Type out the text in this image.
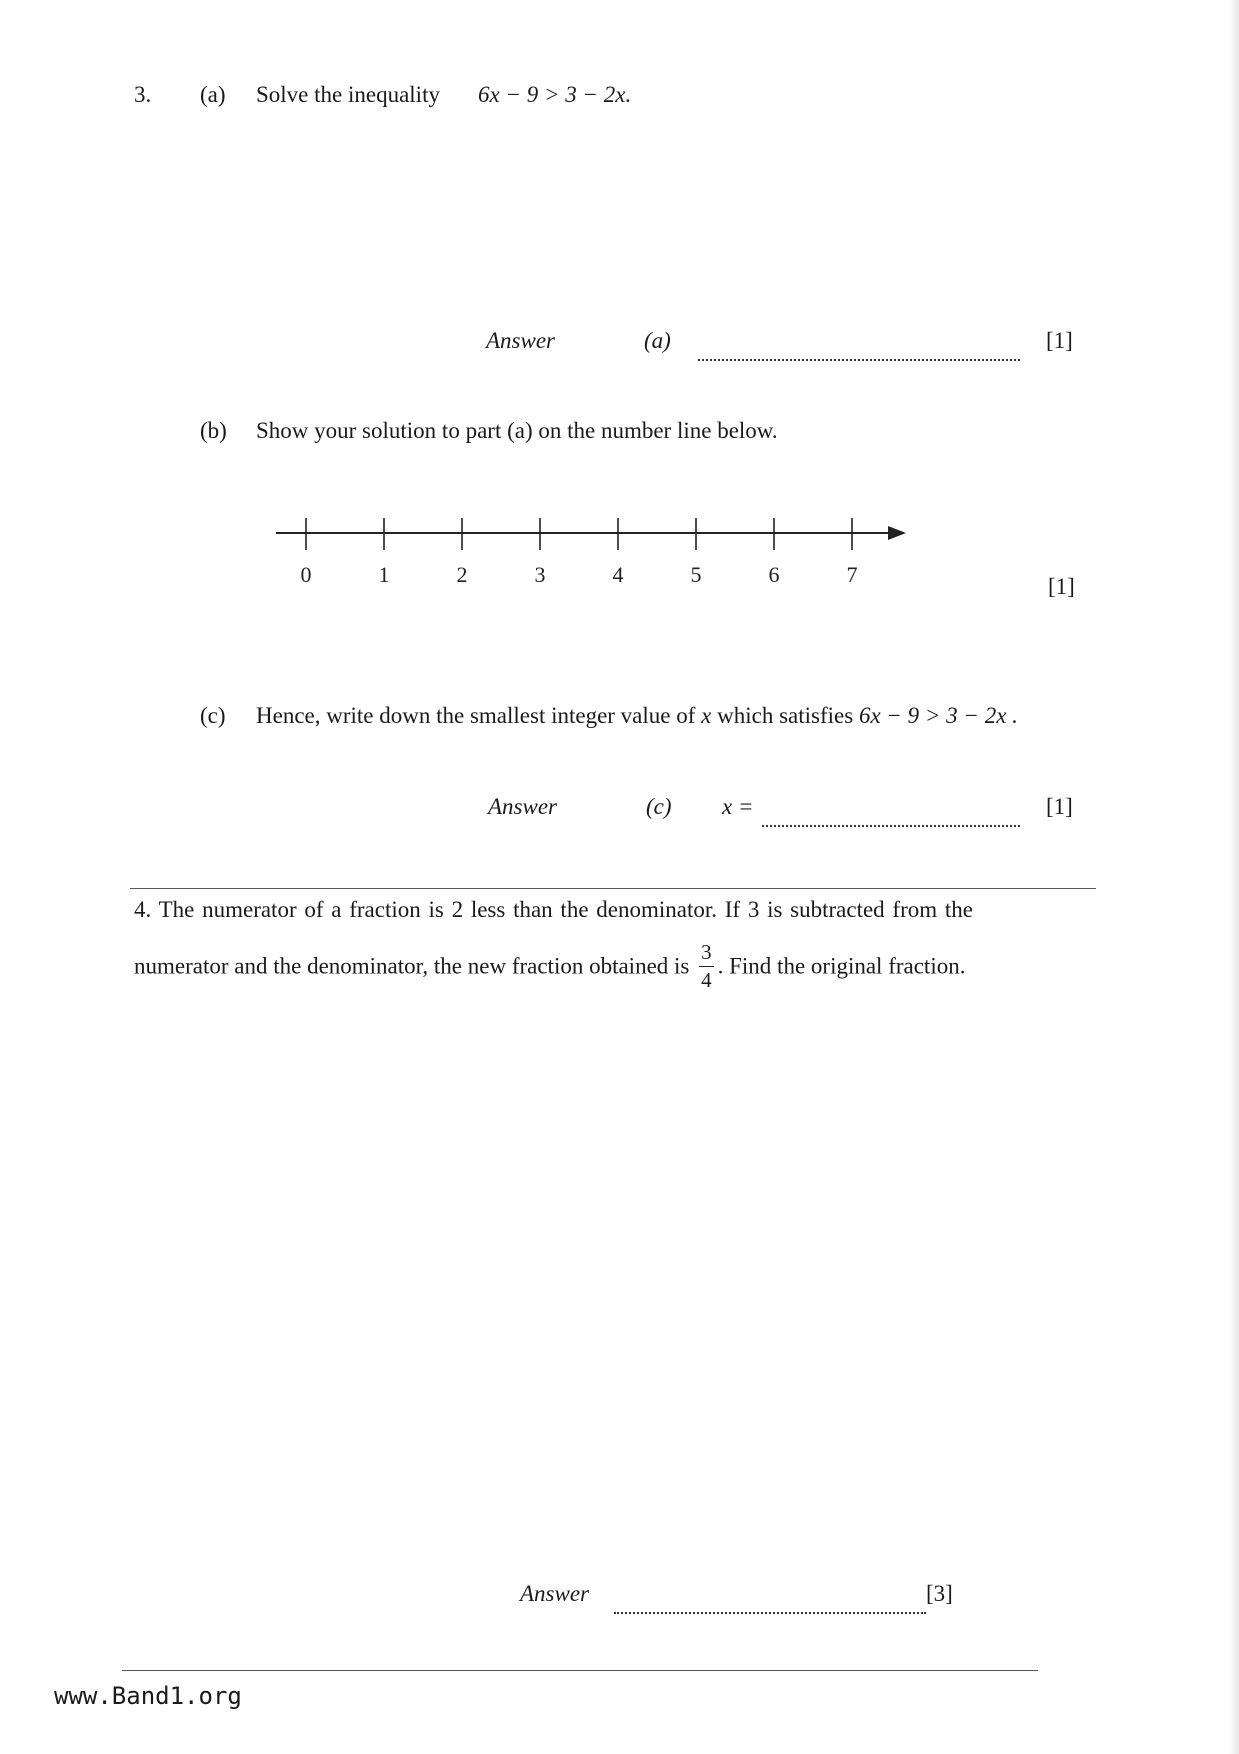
3. (a) Solve the inequality 6x − 9 > 3 − 2x.
Answer	(a)	[1]
(b) Show your solution to part (a) on the number line below.
0	1	2	3	4	5	6	7	[1]
(c) Hence, write down the smallest integer value of x which satisfies 6x − 9 > 3 − 2x .
Answer	(c) x =	[1]
4. The numerator of a fraction is 2 less than the denominator. If 3 is subtracted from the
numerator and the denominator, the new fraction obtained is $\frac{3}{4}$ . Find the original fraction.
Answer	[3]
www.Band1.org
